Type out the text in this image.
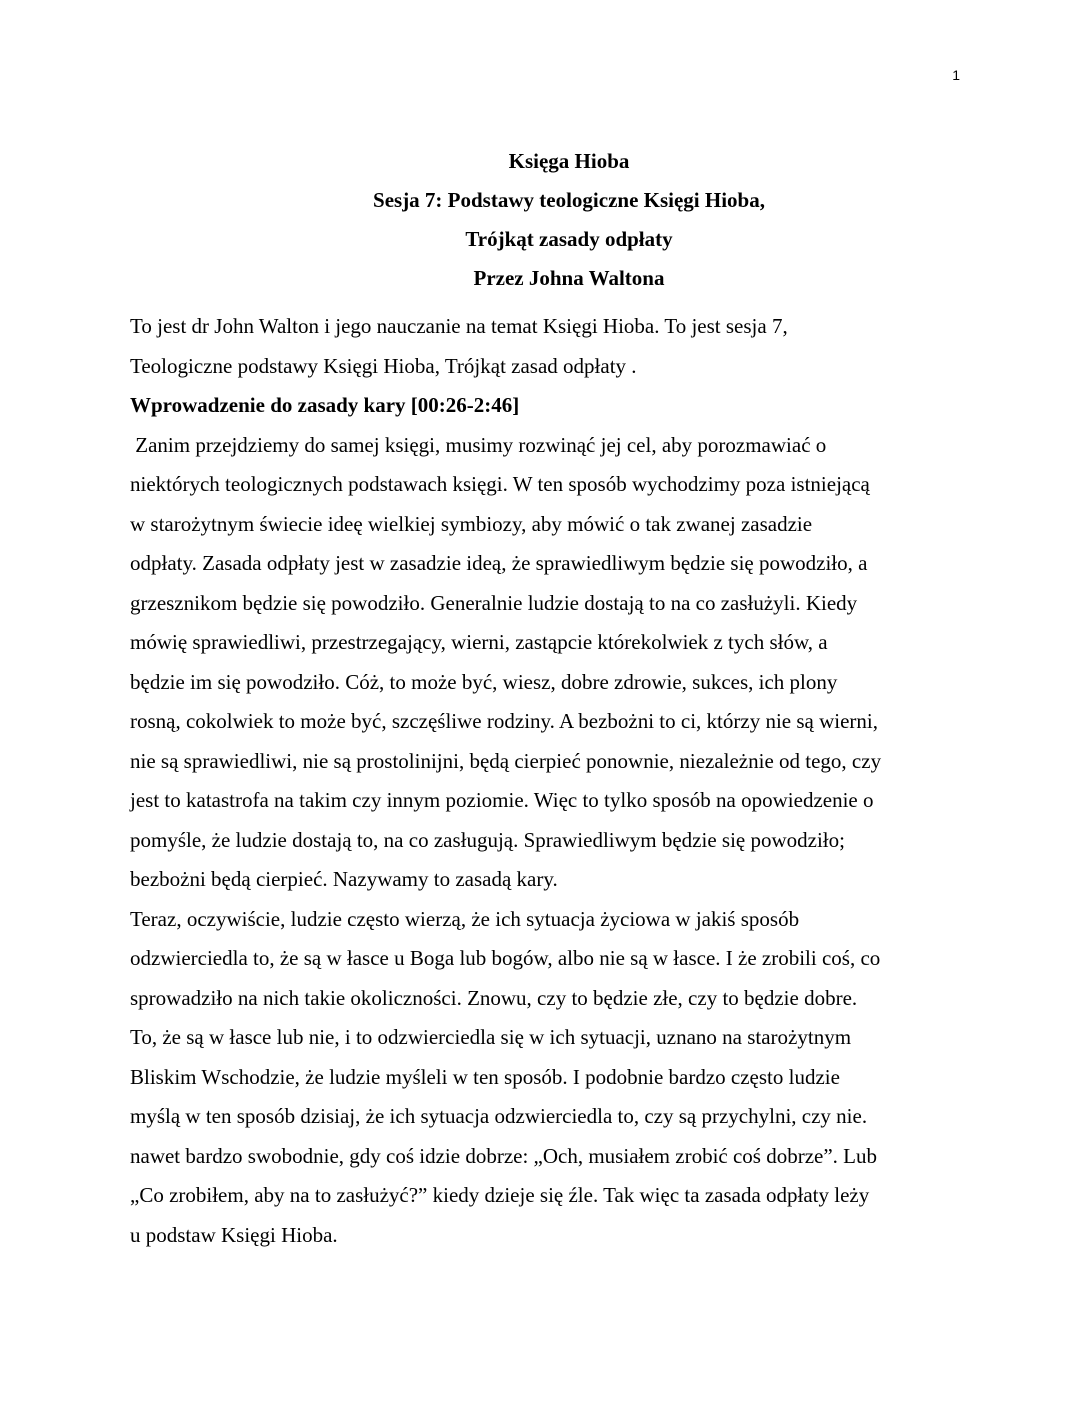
1
Księga Hioba
Sesja 7: Podstawy teologiczne Księgi Hioba,
Trójkąt zasady odpłaty
Przez Johna Waltona
To jest dr John Walton i jego nauczanie na temat Księgi Hioba. To jest sesja 7,
Teologiczne podstawy Księgi Hioba, Trójkąt zasad odpłaty .
Wprowadzenie do zasady kary [00:26-2:46]
Zanim przejdziemy do samej księgi, musimy rozwinąć jej cel, aby porozmawiać o
niektórych teologicznych podstawach księgi. W ten sposób wychodzimy poza istniejącą
w starożytnym świecie ideę wielkiej symbiozy, aby mówić o tak zwanej zasadzie
odpłaty. Zasada odpłaty jest w zasadzie ideą, że sprawiedliwym będzie się powodziło, a
grzesznikom będzie się powodziło. Generalnie ludzie dostają to na co zasłużyli. Kiedy
mówię sprawiedliwi, przestrzegający, wierni, zastąpcie którekolwiek z tych słów, a
będzie im się powodziło. Cóż, to może być, wiesz, dobre zdrowie, sukces, ich plony
rosną, cokolwiek to może być, szczęśliwe rodziny. A bezbożni to ci, którzy nie są wierni,
nie są sprawiedliwi, nie są prostolinijni, będą cierpieć ponownie, niezależnie od tego, czy
jest to katastrofa na takim czy innym poziomie. Więc to tylko sposób na opowiedzenie o
pomyśle, że ludzie dostają to, na co zasługują. Sprawiedliwym będzie się powodziło;
bezbożni będą cierpieć. Nazywamy to zasadą kary.
Teraz, oczywiście, ludzie często wierzą, że ich sytuacja życiowa w jakiś sposób
odzwierciedla to, że są w łasce u Boga lub bogów, albo nie są w łasce. I że zrobili coś, co
sprowadziło na nich takie okoliczności. Znowu, czy to będzie złe, czy to będzie dobre.
To, że są w łasce lub nie, i to odzwierciedla się w ich sytuacji, uznano na starożytnym
Bliskim Wschodzie, że ludzie myśleli w ten sposób. I podobnie bardzo często ludzie
myślą w ten sposób dzisiaj, że ich sytuacja odzwierciedla to, czy są przychylni, czy nie.
nawet bardzo swobodnie, gdy coś idzie dobrze: „Och, musiałem zrobić coś dobrze”. Lub
„Co zrobiłem, aby na to zasłużyć?” kiedy dzieje się źle. Tak więc ta zasada odpłaty leży
u podstaw Księgi Hioba.
